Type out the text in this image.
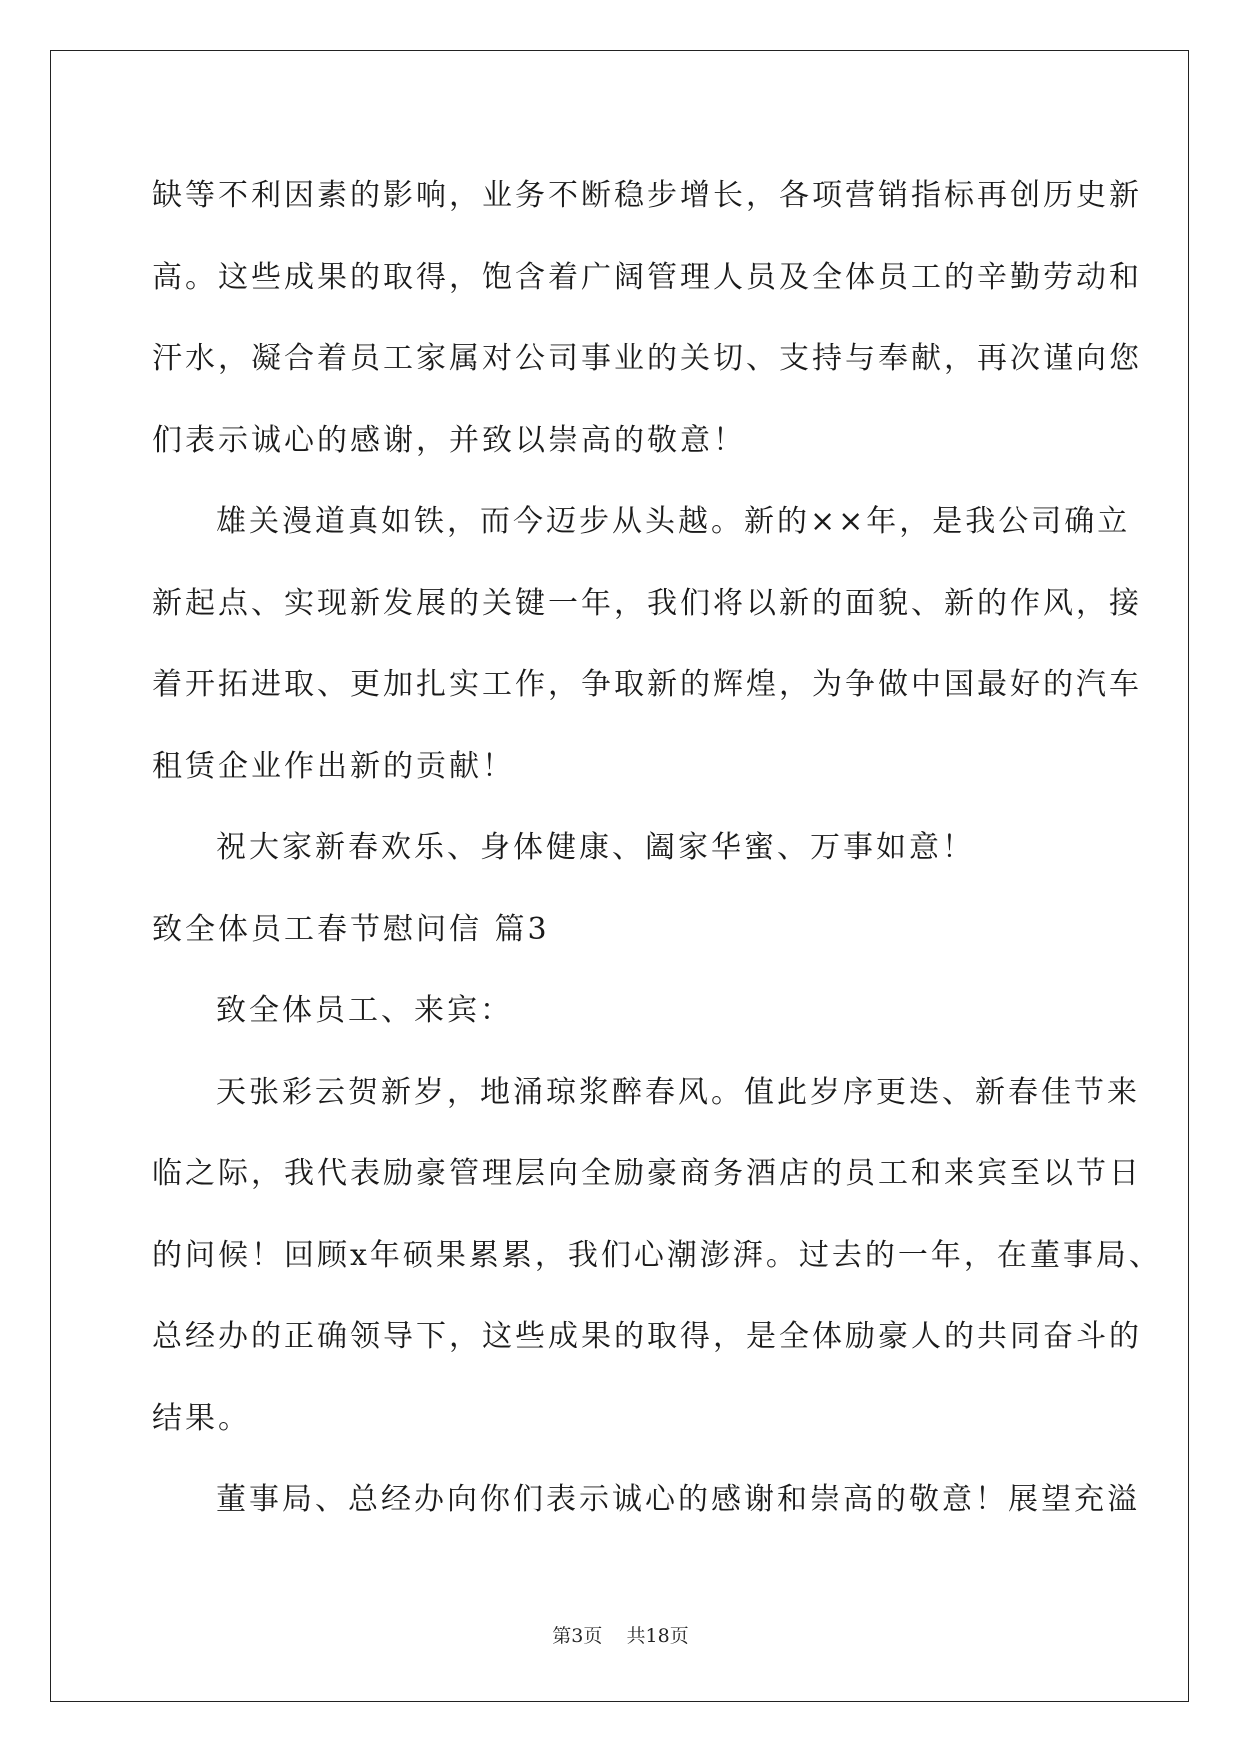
缺等不利因素的影响，业务不断稳步增长，各项营销指标再创历史新

高。这些成果的取得，饱含着广阔管理人员及全体员工的辛勤劳动和

汗水，凝合着员工家属对公司事业的关切、支持与奉献，再次谨向您

们表示诚心的感谢，并致以崇高的敬意！

雄关漫道真如铁，而今迈步从头越。新的××年，是我公司确立

新起点、实现新发展的关键一年，我们将以新的面貌、新的作风，接

着开拓进取、更加扎实工作，争取新的辉煌，为争做中国最好的汽车

租赁企业作出新的贡献！

祝大家新春欢乐、身体健康、阖家华蜜、万事如意！

致全体员工春节慰问信 篇3

致全体员工、来宾：

天张彩云贺新岁，地涌琼浆醉春风。值此岁序更迭、新春佳节来

临之际，我代表励豪管理层向全励豪商务酒店的员工和来宾至以节日

的问候！回顾x年硕果累累，我们心潮澎湃。过去的一年，在董事局、

总经办的正确领导下，这些成果的取得，是全体励豪人的共同奋斗的

结果。

董事局、总经办向你们表示诚心的感谢和崇高的敬意！展望充溢

第3页 共18页
